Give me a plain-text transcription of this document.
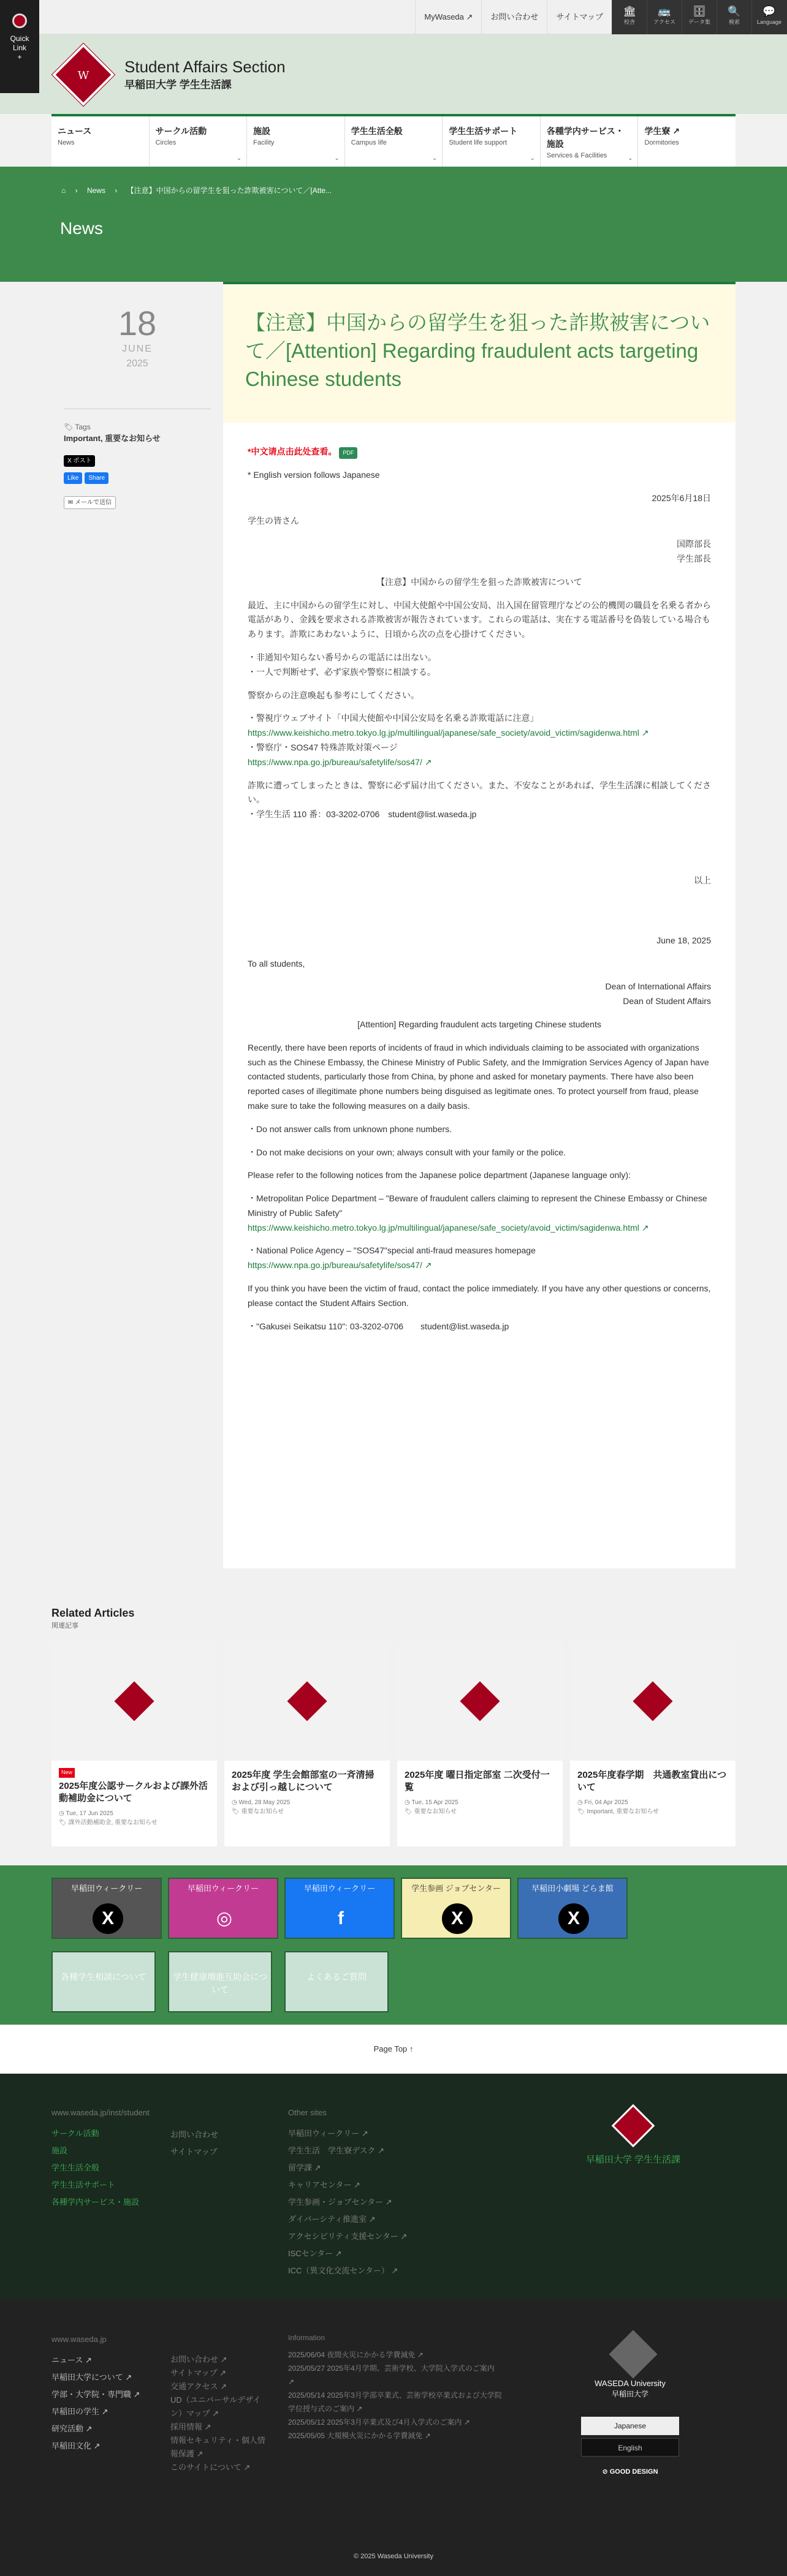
Quick
Link
+
MyWaseda ↗	お問い合わせ	サイトマップ	🏛
校舎
🚌
アクセス
🗄
データ集
🔍
検索
💬
Language
W Student Affairs Section
早稲田大学 学生生活課
ニュース
News
サークル活動
Circles
⌄
施設
Facility
⌄
学生生活全般
Campus life
⌄
学生生活サポート
Student life support
⌄
各種学内サービス・施設
Services & Facilities	⌄
学生寮 ↗
Dormitories
⌂ › News › 【注意】中国からの留学生を狙った詐欺被害について／[Atte...
News
18
JUNE
2025
🏷 Tags
Important, 重要なお知らせ
X ポスト
Like Share
✉ メールで送信
【注意】中国からの留学生を狙った詐欺被害について／[Attention] Regarding fraudulent acts targeting Chinese students

*中文请点击此处查看。 PDF

* English version follows Japanese

2025年6月18日

学生の皆さん

国際部長

学生部長

【注意】中国からの留学生を狙った詐欺被害について

最近、主に中国からの留学生に対し、中国大使館や中国公安局、出入国在留管理庁などの公的機関の職員を名乗る者から電話があり、金銭を要求される詐欺被害が報告されています。これらの電話は、実在する電話番号を偽装している場合もあります。詐欺にあわないように、日頃から次の点を心掛けてください。

・非通知や知らない番号からの電話には出ない。

・一人で判断せず、必ず家族や警察に相談する。

警察からの注意喚起も参考にしてください。

・警視庁ウェブサイト「中国大使館や中国公安局を名乗る詐欺電話に注意」

https://www.keishicho.metro.tokyo.lg.jp/multilingual/japanese/safe_society/avoid_victim/sagidenwa.html ↗

・警察庁・SOS47 特殊詐欺対策ページ

https://www.npa.go.jp/bureau/safetylife/sos47/ ↗

詐欺に遭ってしまったときは、警察に必ず届け出てください。また、不安なことがあれば、学生生活課に相談してください。

・学生生活 110 番：03-3202-0706　student@list.waseda.jp

以上

June 18, 2025

To all students,

Dean of International Affairs

Dean of Student Affairs

[Attention] Regarding fraudulent acts targeting Chinese students

Recently, there have been reports of incidents of fraud in which individuals claiming to be associated with organizations such as the Chinese Embassy, the Chinese Ministry of Public Safety, and the Immigration Services Agency of Japan have contacted students, particularly those from China, by phone and asked for monetary payments. There have also been reported cases of illegitimate phone numbers being disguised as legitimate ones. To protect yourself from fraud, please make sure to take the following measures on a daily basis.

・Do not answer calls from unknown phone numbers.

・Do not make decisions on your own; always consult with your family or the police.

Please refer to the following notices from the Japanese police department (Japanese language only):

・Metropolitan Police Department – "Beware of fraudulent callers claiming to represent the Chinese Embassy or Chinese Ministry of Public Safety"

https://www.keishicho.metro.tokyo.lg.jp/multilingual/japanese/safe_society/avoid_victim/sagidenwa.html ↗

・National Police Agency – "SOS47"special anti-fraud measures homepage

https://www.npa.go.jp/bureau/safetylife/sos47/ ↗

If you think you have been the victim of fraud, contact the police immediately. If you have any other questions or concerns, please contact the Student Affairs Section.

・"Gakusei Seikatsu 110": 03-3202-0706　　student@list.waseda.jp

Related Articles
関連記事
New
2025年度公認サークルおよび課外活動補助金について
◷ Tue, 17 Jun 2025
🏷 課外活動補助金, 重要なお知らせ
2025年度 学生会館部室の一斉清掃および引っ越しについて
◷ Wed, 28 May 2025
🏷 重要なお知らせ
2025年度 曜日指定部室 二次受付一覧
◷ Tue, 15 Apr 2025
🏷 重要なお知らせ
2025年度春学期　共通教室貸出について
◷ Fri, 04 Apr 2025
🏷 Important, 重要なお知らせ
早稲田ウィークリー
X
早稲田ウィークリー
◎
早稲田ウィークリー
f
学生参画 ジョブセンター
X
早稲田小劇場 どらま館
X
各種学生相談について	学生健康増進互助会について
よくあるご質問
Page Top ↑
www.waseda.jp/inst/student
サークル活動
施設
学生生活全般
学生生活サポート
各種学内サービス・施設
お問い合わせ
サイトマップ
Other sites
早稲田ウィークリー ↗
学生生活　学生寮デスク ↗
留学課 ↗
キャリアセンター ↗
学生参画・ジョブセンター ↗
ダイバーシティ推進室 ↗
アクセシビリティ支援センター ↗
ISCセンター ↗
ICC（異文化交流センター） ↗
早稲田大学 学生生活課
www.waseda.jp
ニュース ↗
早稲田大学について ↗
学部・大学院・専門職 ↗
早稲田の学生 ↗
研究活動 ↗
早稲田文化 ↗
お問い合わせ ↗
サイトマップ ↗
交通アクセス ↗
UD（ユニバーサルデザイン）マップ ↗
採用情報 ↗
情報セキュリティ・個人情報保護 ↗
このサイトについて ↗
Information
2025/06/04 夜間火災にかかる学費減免 ↗
2025/05/27 2025年4月学期、芸術学校、大学院入学式のご案内 ↗
2025/05/14 2025年3月学部卒業式、芸術学校卒業式および大学院学位授与式のご案内 ↗
2025/05/12 2025年3月卒業式及び4月入学式のご案内 ↗
2025/05/05 大規模火災にかかる学費減免 ↗
WASEDA University
早稲田大学
Japanese
English
⊘ GOOD DESIGN
© 2025 Waseda University
